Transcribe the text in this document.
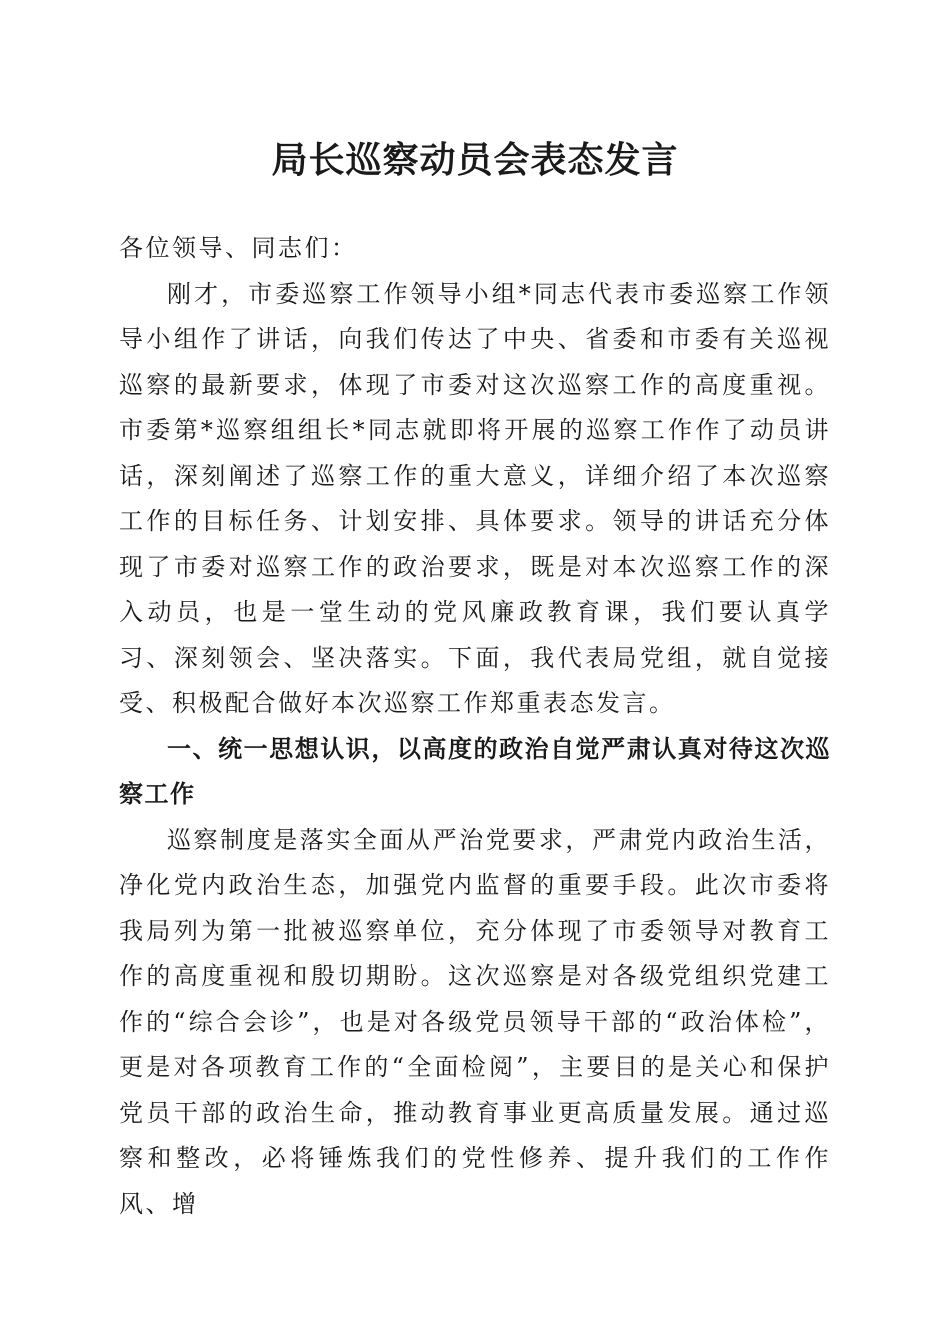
局长巡察动员会表态发言

各位领导、同志们：

刚才，市委巡察工作领导小组*同志代表市委巡察工作领导小组作了讲话，向我们传达了中央、省委和市委有关巡视巡察的最新要求，体现了市委对这次巡察工作的高度重视。市委第*巡察组组长*同志就即将开展的巡察工作作了动员讲话，深刻阐述了巡察工作的重大意义，详细介绍了本次巡察工作的目标任务、计划安排、具体要求。领导的讲话充分体现了市委对巡察工作的政治要求，既是对本次巡察工作的深入动员，也是一堂生动的党风廉政教育课，我们要认真学习、深刻领会、坚决落实。下面，我代表局党组，就自觉接受、积极配合做好本次巡察工作郑重表态发言。

一、统一思想认识，以高度的政治自觉严肃认真对待这次巡察工作

巡察制度是落实全面从严治党要求，严肃党内政治生活，净化党内政治生态，加强党内监督的重要手段。此次市委将我局列为第一批被巡察单位，充分体现了市委领导对教育工作的高度重视和殷切期盼。这次巡察是对各级党组织党建工作的“综合会诊”，也是对各级党员领导干部的“政治体检”，更是对各项教育工作的“全面检阅”，主要目的是关心和保护党员干部的政治生命，推动教育事业更高质量发展。通过巡察和整改，必将锤炼我们的党性修养、提升我们的工作作风、增
